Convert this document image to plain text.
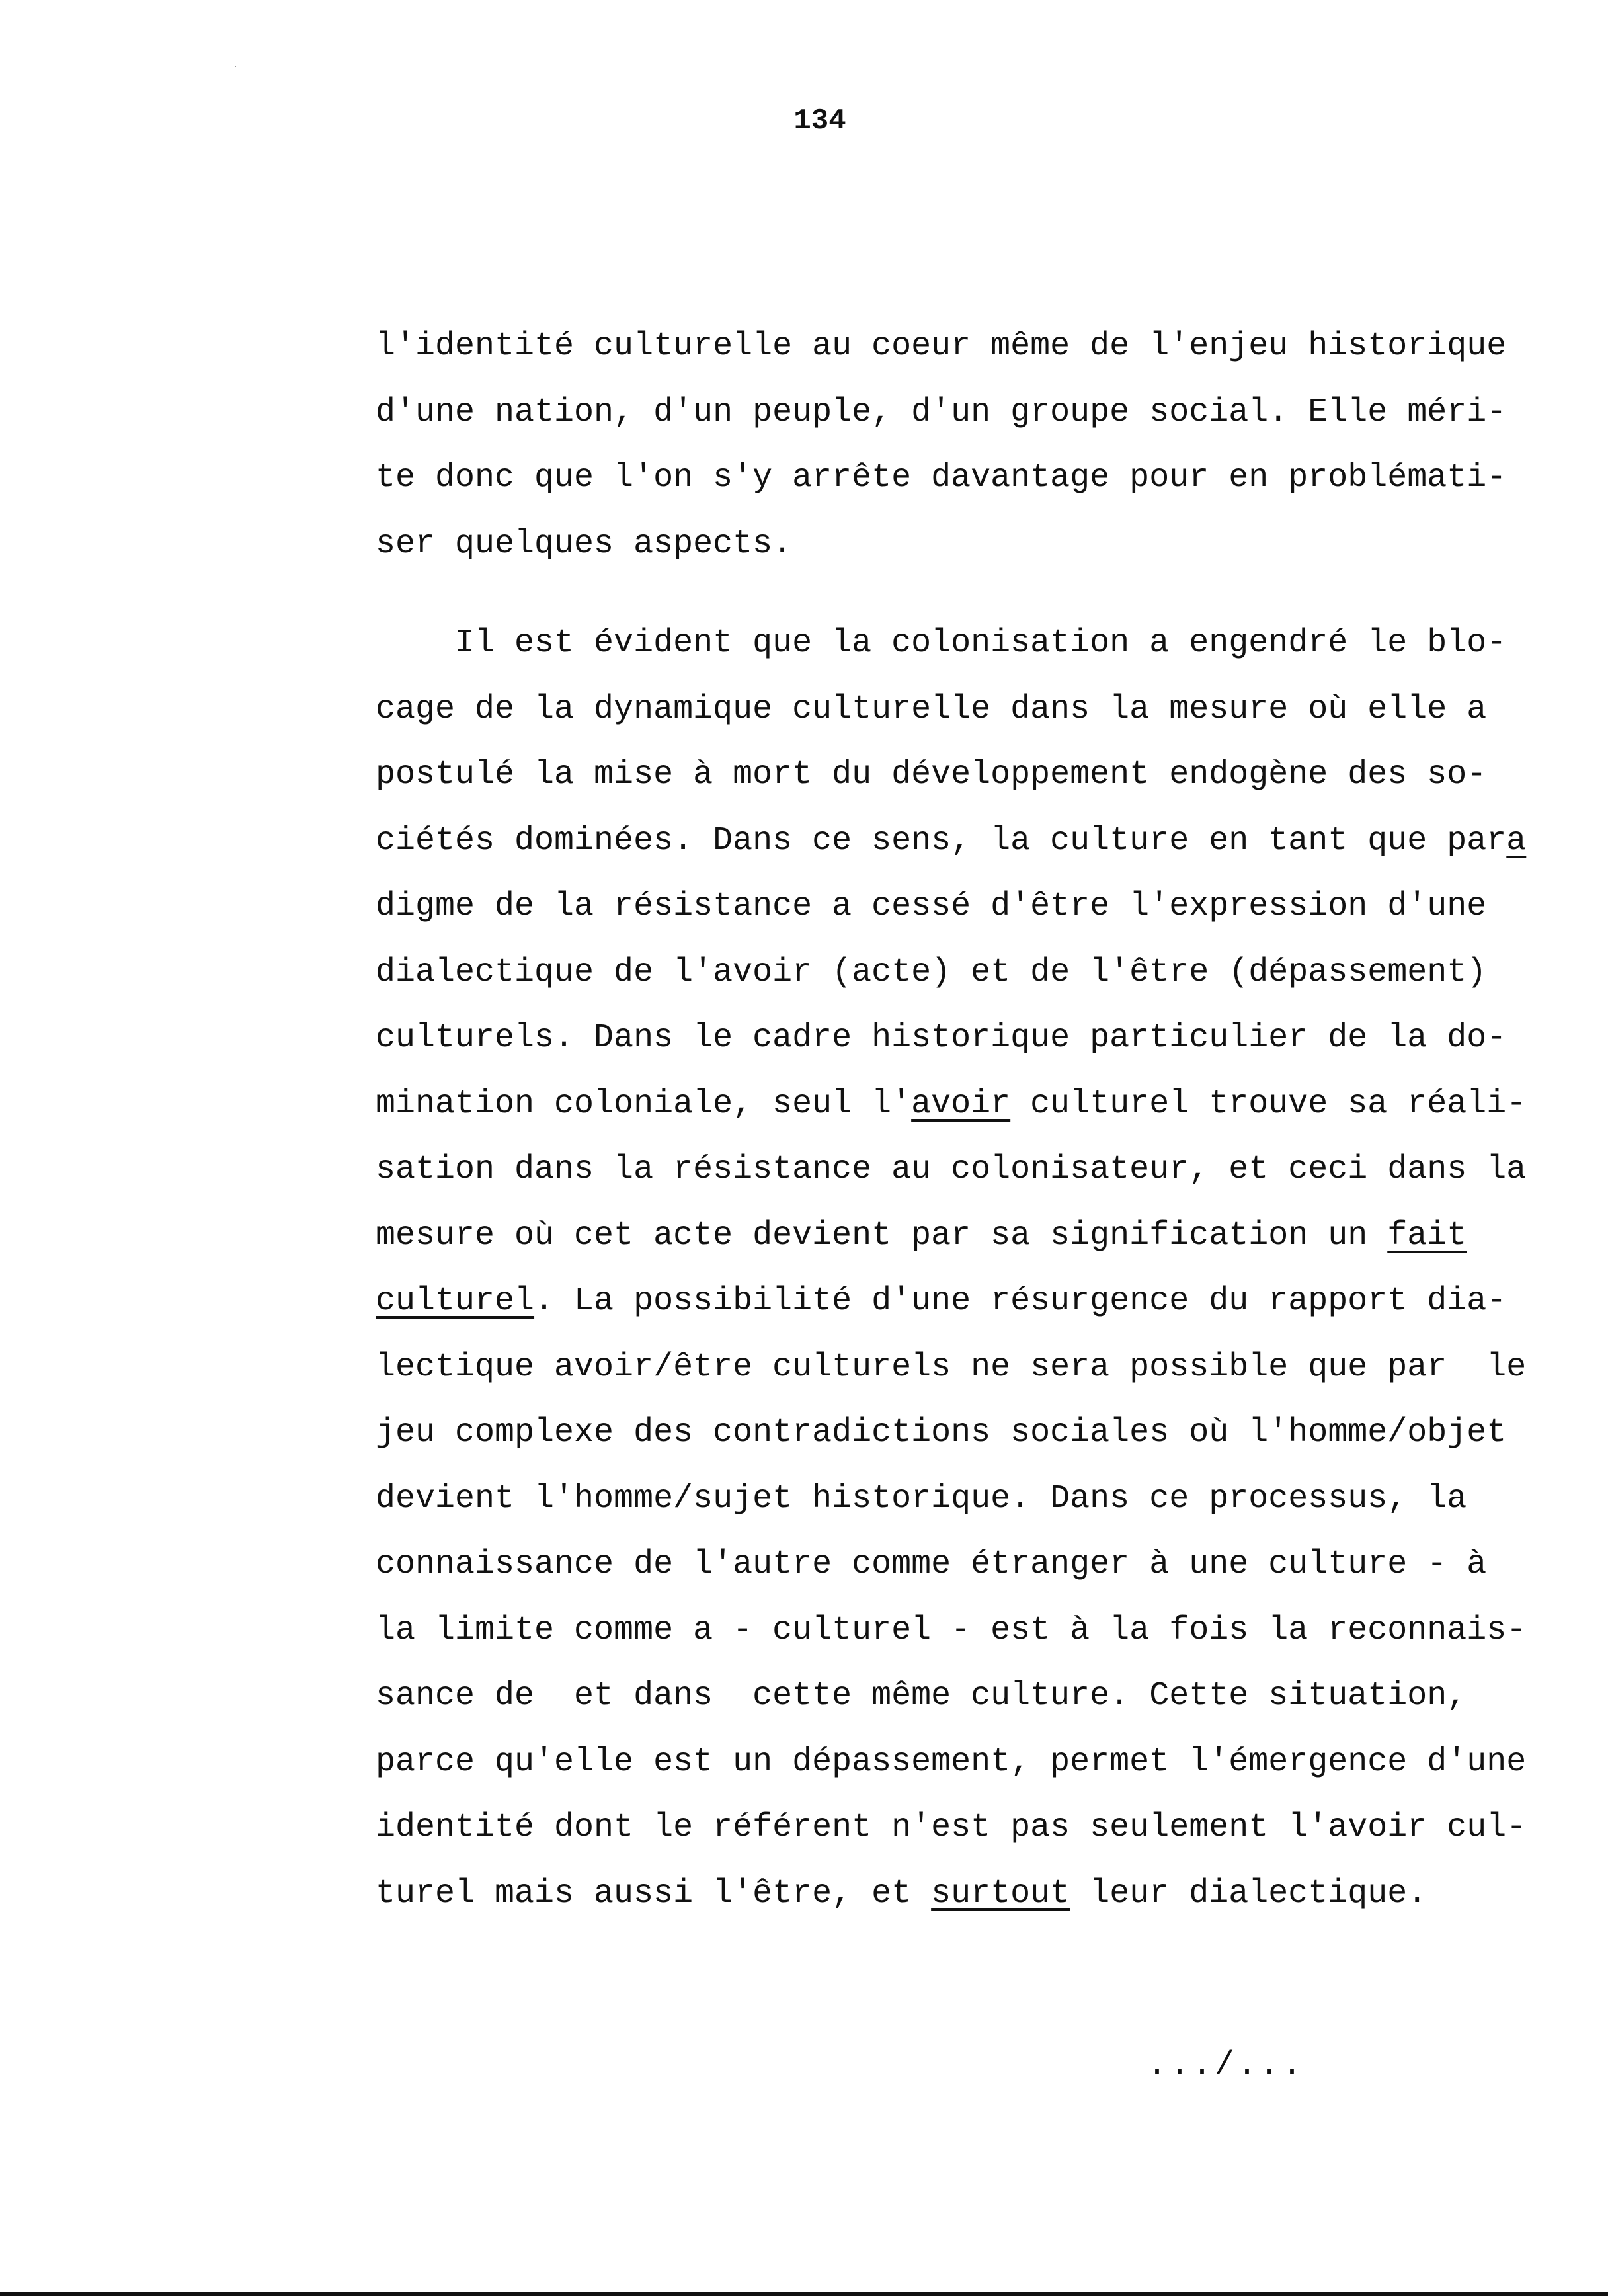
134
l'identité culturelle au coeur même de l'enjeu historique
d'une nation, d'un peuple, d'un groupe social. Elle méri-
te donc que l'on s'y arrête davantage pour en problémati-
ser quelques aspects.
Il est évident que la colonisation a engendré le blo-
cage de la dynamique culturelle dans la mesure où elle a
postulé la mise à mort du développement endogène des so-
ciétés dominées. Dans ce sens, la culture en tant que para
digme de la résistance a cessé d'être l'expression d'une
dialectique de l'avoir (acte) et de l'être (dépassement)
culturels. Dans le cadre historique particulier de la do-
mination coloniale, seul l'avoir culturel trouve sa réali-
sation dans la résistance au colonisateur, et ceci dans la
mesure où cet acte devient par sa signification un fait
culturel. La possibilité d'une résurgence du rapport dia-
lectique avoir/être culturels ne sera possible que par  le
jeu complexe des contradictions sociales où l'homme/objet
devient l'homme/sujet historique. Dans ce processus, la
connaissance de l'autre comme étranger à une culture - à
la limite comme a - culturel - est à la fois la reconnais-
sance de  et dans  cette même culture. Cette situation,
parce qu'elle est un dépassement, permet l'émergence d'une
identité dont le référent n'est pas seulement l'avoir cul-
turel mais aussi l'être, et surtout leur dialectique.
.../...
